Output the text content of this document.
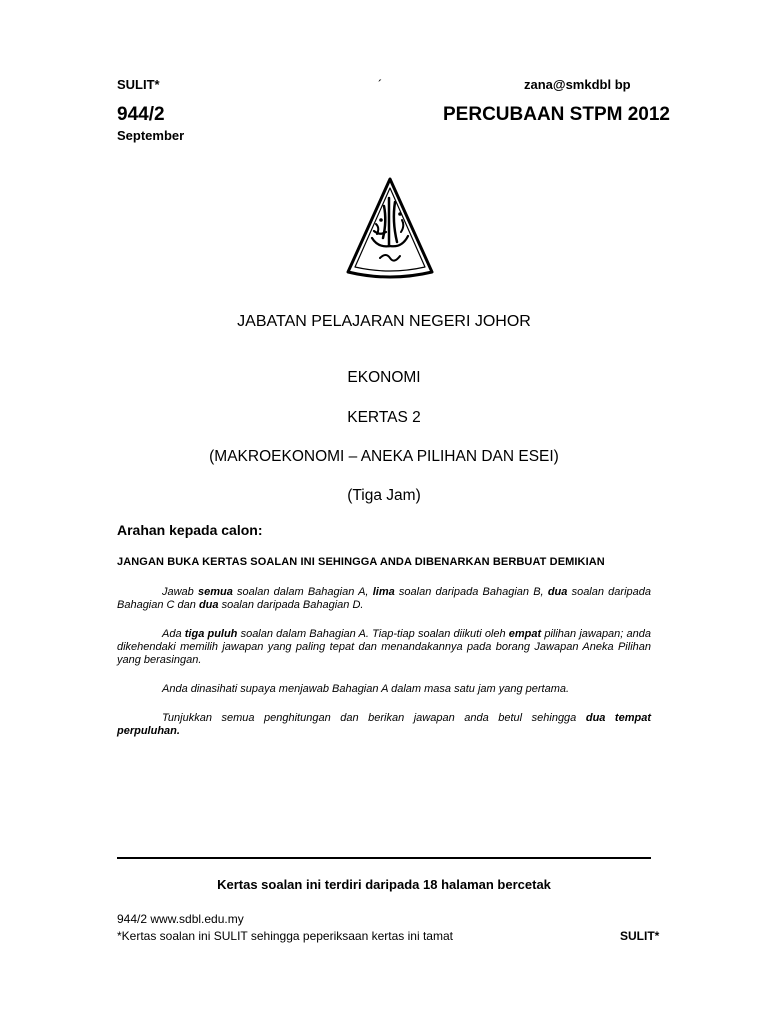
SULIT*	´	zana@smkdbl bp
944/2
September
PERCUBAAN STPM 2012
JABATAN PELAJARAN NEGERI JOHOR
EKONOMI
KERTAS 2
(MAKROEKONOMI – ANEKA PILIHAN DAN ESEI)
(Tiga Jam)
Arahan kepada calon:
JANGAN BUKA KERTAS SOALAN INI SEHINGGA ANDA DIBENARKAN BERBUAT DEMIKIAN

Jawab semua soalan dalam Bahagian A, lima soalan daripada Bahagian B, dua soalan daripada Bahagian C dan dua soalan daripada Bahagian D.

Ada tiga puluh soalan dalam Bahagian A. Tiap-tiap soalan diikuti oleh empat pilihan jawapan; anda dikehendaki memilih jawapan yang paling tepat dan menandakannya pada borang Jawapan Aneka Pilihan yang berasingan.

Anda dinasihati supaya menjawab Bahagian A dalam masa satu jam yang pertama.

Tunjukkan semua penghitungan dan berikan jawapan anda betul sehingga dua tempat perpuluhan.

Kertas soalan ini terdiri daripada 18 halaman bercetak
944/2 www.sdbl.edu.my
*Kertas soalan ini SULIT sehingga peperiksaan kertas ini tamat	SULIT*
